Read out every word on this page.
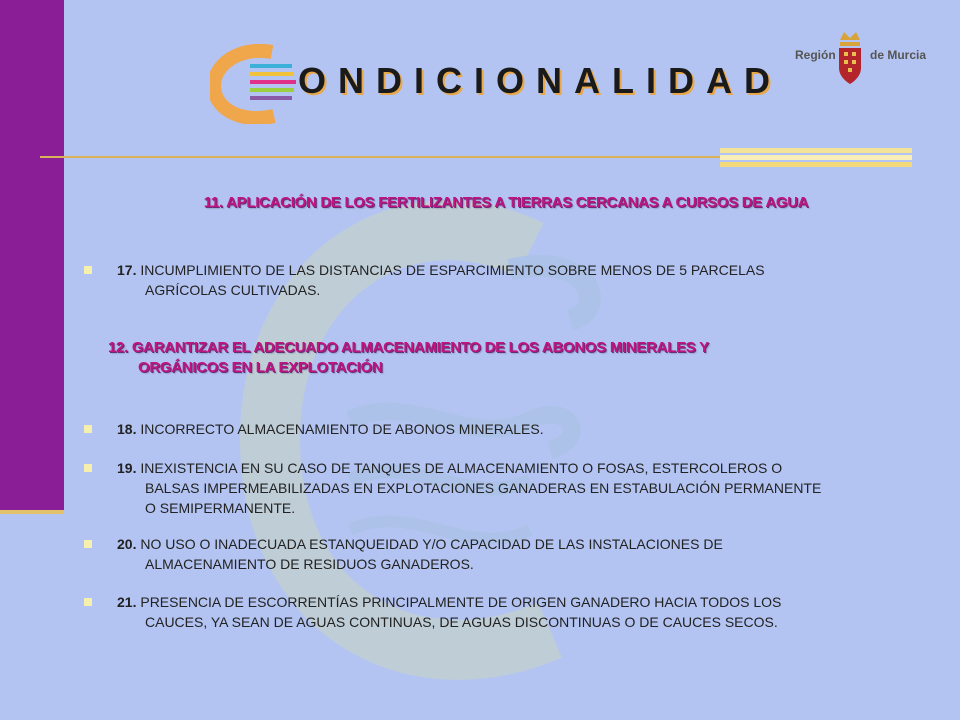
ONDICIONALIDAD
Región	de Murcia
11. APLICACIÓN DE LOS FERTILIZANTES A TIERRAS CERCANAS A CURSOS DE AGUA
17. INCUMPLIMIENTO DE LAS DISTANCIAS DE ESPARCIMIENTO SOBRE MENOS DE 5 PARCELAS
AGRÍCOLAS CULTIVADAS.
12. GARANTIZAR EL ADECUADO ALMACENAMIENTO DE LOS ABONOS MINERALES Y
ORGÁNICOS EN LA EXPLOTACIÓN
18. INCORRECTO ALMACENAMIENTO DE ABONOS MINERALES.
19. INEXISTENCIA EN SU CASO DE TANQUES DE ALMACENAMIENTO O FOSAS, ESTERCOLEROS O
BALSAS IMPERMEABILIZADAS EN EXPLOTACIONES GANADERAS EN ESTABULACIÓN PERMANENTE
O SEMIPERMANENTE.
20. NO USO O INADECUADA ESTANQUEIDAD Y/O CAPACIDAD DE LAS INSTALACIONES DE
ALMACENAMIENTO DE RESIDUOS GANADEROS.
21. PRESENCIA DE ESCORRENTÍAS PRINCIPALMENTE DE ORIGEN GANADERO HACIA TODOS LOS
CAUCES, YA SEAN DE AGUAS CONTINUAS, DE AGUAS DISCONTINUAS O DE CAUCES SECOS.
